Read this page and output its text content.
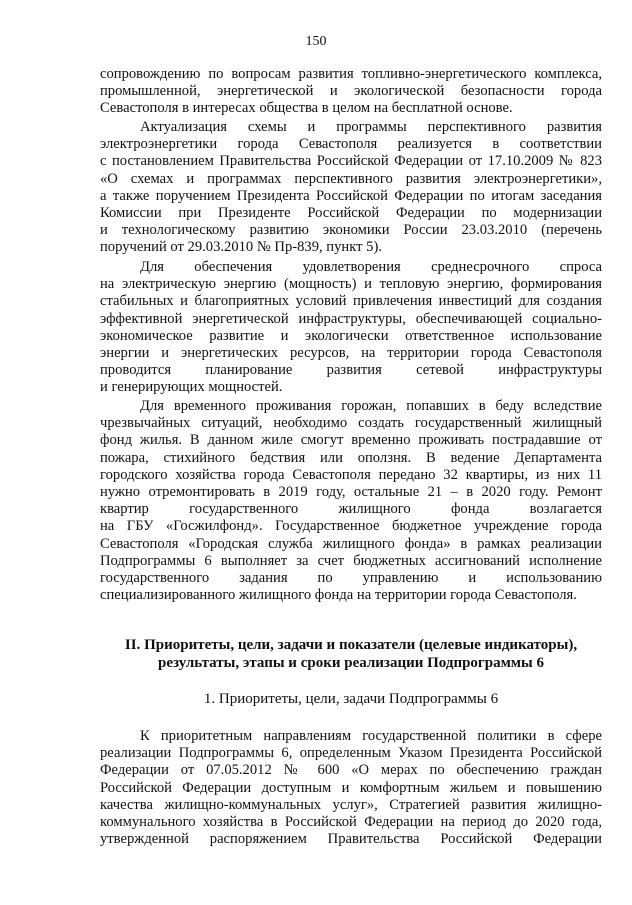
150
сопровождению по вопросам развития топливно-энергетического комплекса,
промышленной, энергетической и экологической безопасности города
Севастополя в интересах общества в целом на бесплатной основе.
Актуализация схемы и программы перспективного развития
электроэнергетики города Севастополя реализуется в соответствии
с постановлением Правительства Российской Федерации от 17.10.2009 № 823
«О схемах и программах перспективного развития электроэнергетики»,
а также поручением Президента Российской Федерации по итогам заседания
Комиссии при Президенте Российской Федерации по модернизации
и технологическому развитию экономики России 23.03.2010 (перечень
поручений от 29.03.2010 № Пр-839, пункт 5).
Для обеспечения удовлетворения среднесрочного спроса
на электрическую энергию (мощность) и тепловую энергию, формирования
стабильных и благоприятных условий привлечения инвестиций для создания
эффективной энергетической инфраструктуры, обеспечивающей социально-
экономическое развитие и экологически ответственное использование
энергии и энергетических ресурсов, на территории города Севастополя
проводится планирование развития сетевой инфраструктуры
и генерирующих мощностей.
Для временного проживания горожан, попавших в беду вследствие
чрезвычайных ситуаций, необходимо создать государственный жилищный
фонд жилья. В данном жиле смогут временно проживать пострадавшие от
пожара, стихийного бедствия или оползня. В ведение Департамента
городского хозяйства города Севастополя передано 32 квартиры, из них 11
нужно отремонтировать в 2019 году, остальные 21 – в 2020 году. Ремонт
квартир государственного жилищного фонда возлагается
на ГБУ «Госжилфонд». Государственное бюджетное учреждение города
Севастополя «Городская служба жилищного фонда» в рамках реализации
Подпрограммы 6 выполняет за счет бюджетных ассигнований исполнение
государственного задания по управлению и использованию
специализированного жилищного фонда на территории города Севастополя.
II. Приоритеты, цели, задачи и показатели (целевые индикаторы),
результаты, этапы и сроки реализации Подпрограммы 6
1. Приоритеты, цели, задачи Подпрограммы 6
К приоритетным направлениям государственной политики в сфере
реализации Подпрограммы 6, определенным Указом Президента Российской
Федерации от 07.05.2012 № 600 «О мерах по обеспечению граждан
Российской Федерации доступным и комфортным жильем и повышению
качества жилищно-коммунальных услуг», Стратегией развития жилищно-
коммунального хозяйства в Российской Федерации на период до 2020 года,
утвержденной распоряжением Правительства Российской Федерации
